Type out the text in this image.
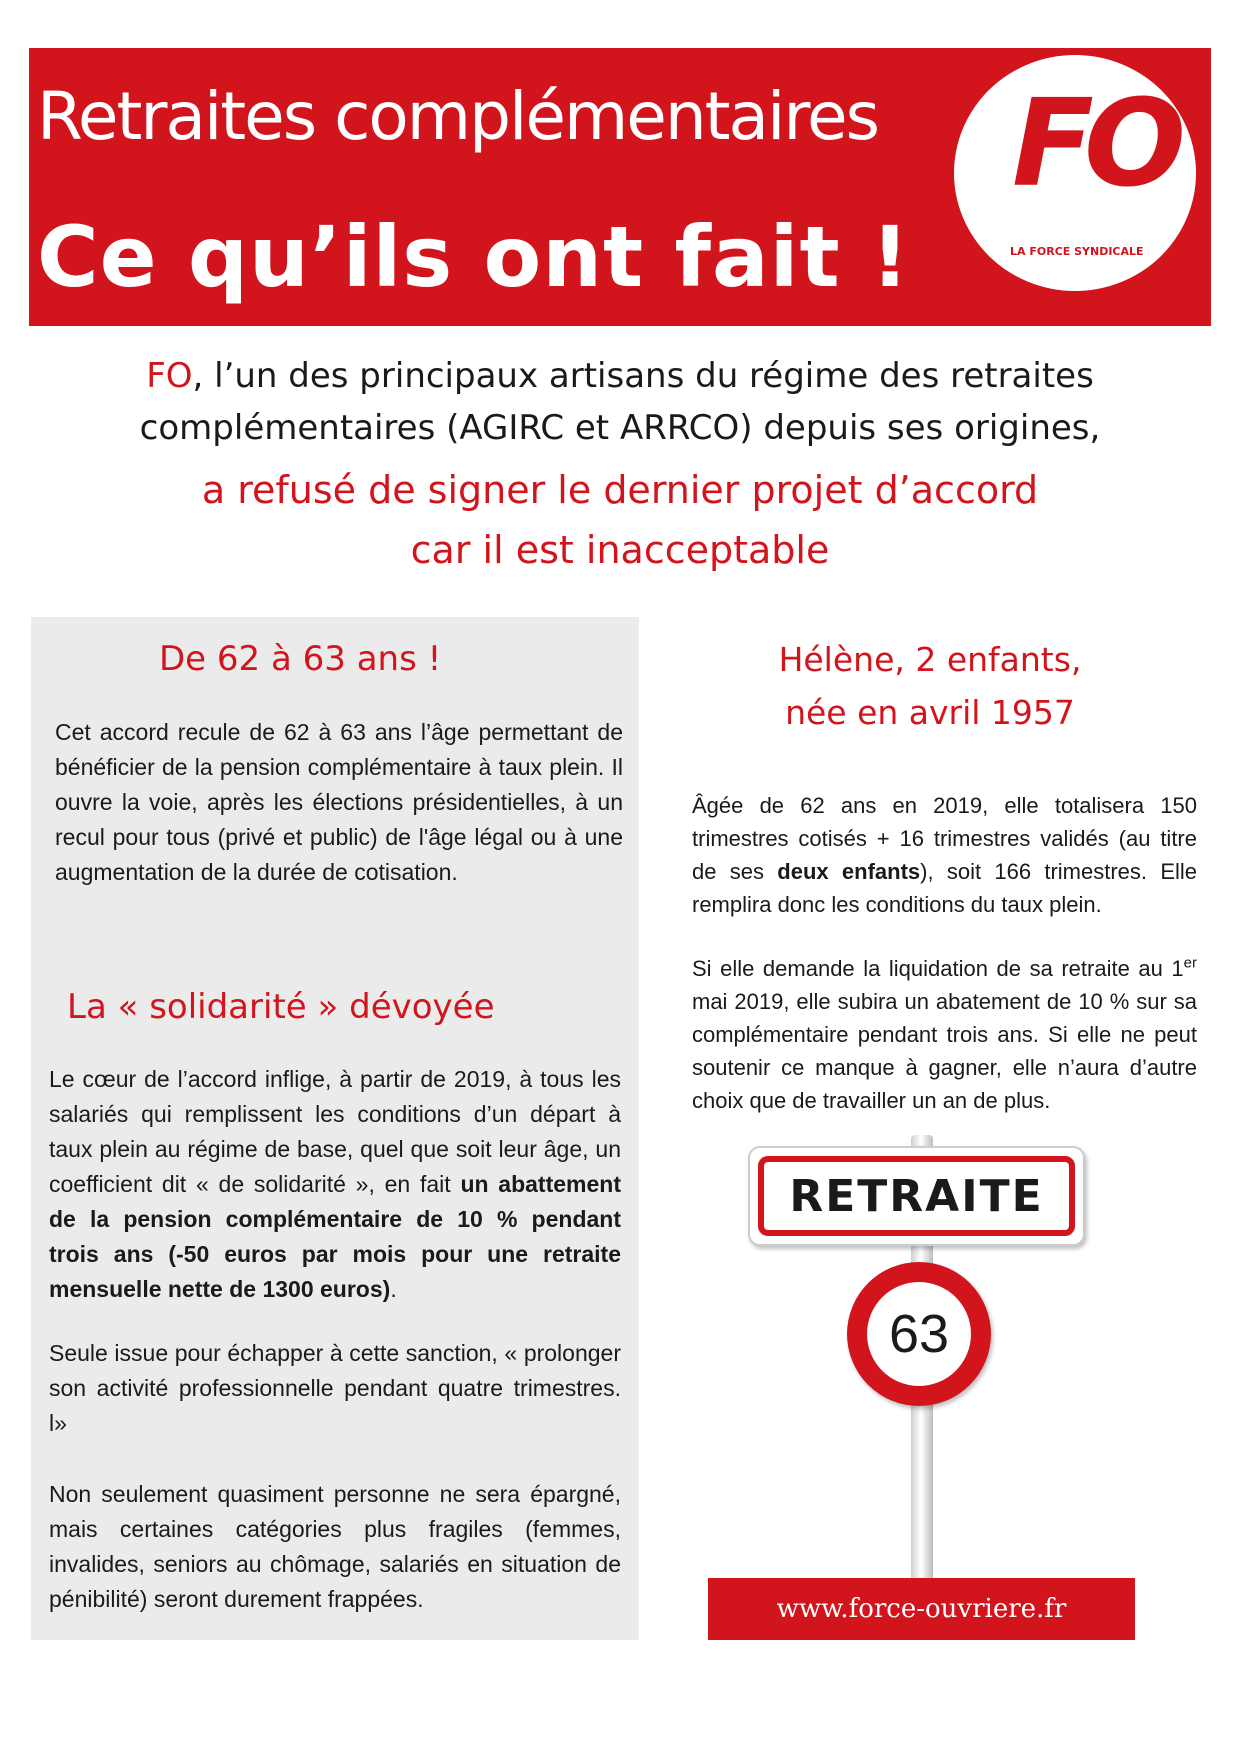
Retraites complémentaires
Ce qu’ils ont fait !
FO
LA FORCE SYNDICALE
FO, l’un des principaux artisans du régime des retraites
complémentaires (AGIRC et ARRCO) depuis ses origines,
a refusé de signer le dernier projet d’accord
car il est inacceptable
De 62 à 63 ans !
Cet accord recule de 62 à 63 ans l’âge permettant de bénéficier de la pension complémentaire à taux plein. Il ouvre la voie, après les élections présidentielles, à un recul pour tous (privé et public) de l'âge légal ou à une augmentation de la durée de cotisation.
La « solidarité » dévoyée
Le cœur de l’accord inflige, à partir de 2019, à tous les salariés qui remplissent les conditions d’un départ à taux plein au régime de base, quel que soit leur âge, un coefficient dit « de solidarité », en fait un abattement de la pension complémentaire de 10 % pendant trois ans (-50 euros par mois pour une retraite mensuelle nette de 1300 euros).
Seule issue pour échapper à cette sanction, « prolonger son activité professionnelle pendant quatre trimestres. l»
Non seulement quasiment personne ne sera épargné, mais certaines catégories plus fragiles (femmes, invalides, seniors au chômage, salariés en situation de pénibilité) seront durement frappées.
Hélène, 2 enfants,
née en avril 1957
Âgée de 62 ans en 2019, elle totalisera 150 trimestres cotisés + 16 trimestres validés (au titre de ses deux enfants), soit 166 trimestres. Elle remplira donc les conditions du taux plein.
Si elle demande la liquidation de sa retraite au 1er mai 2019, elle subira un abatement de 10 % sur sa complémentaire pendant trois ans. Si elle ne peut soutenir ce manque à gagner, elle n’aura d’autre choix que de travailler un an de plus.
RETRAITE
63
www.force-ouvriere.fr
